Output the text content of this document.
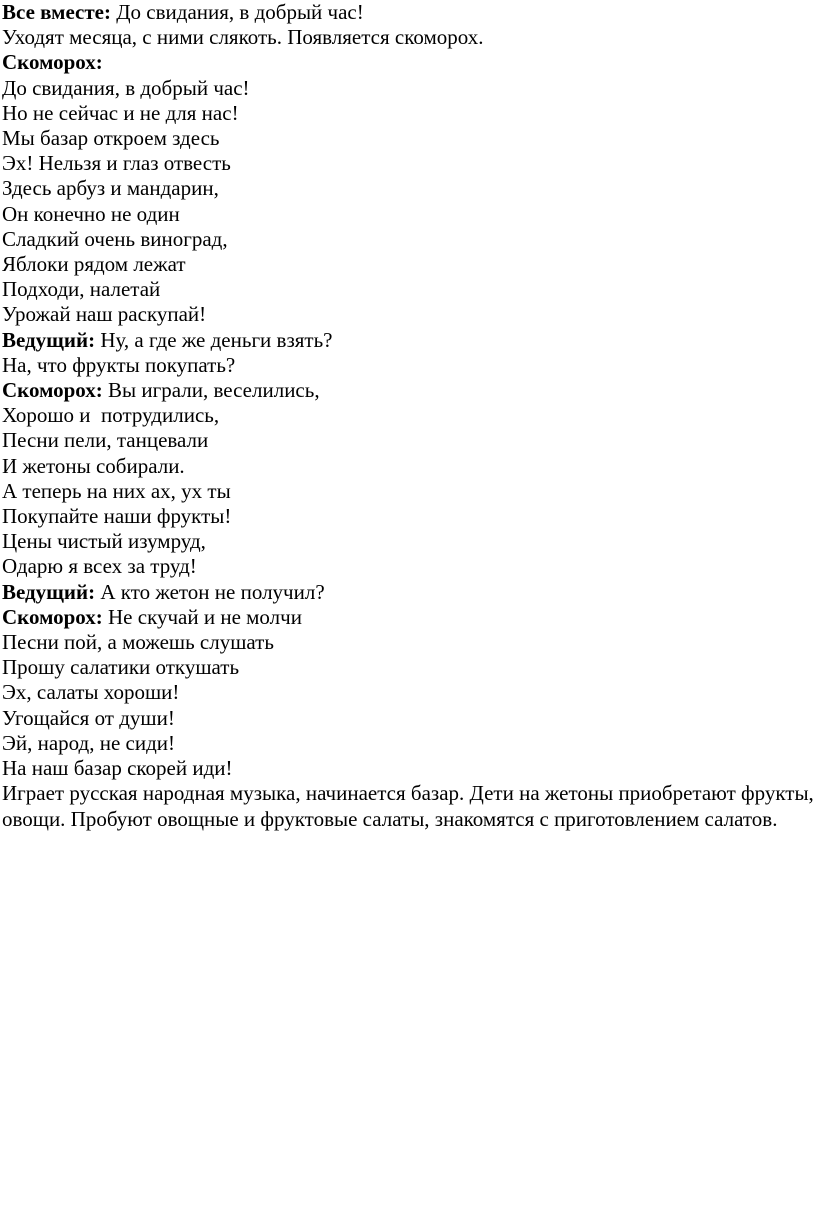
Все вместе: До свидания, в добрый час!
Уходят месяца, с ними слякоть. Появляется скоморох.
Скоморох:
До свидания, в добрый час!
Но не сейчас и не для нас!
Мы базар откроем здесь
Эх! Нельзя и глаз отвесть
Здесь арбуз и мандарин,
Он конечно не один
Сладкий очень виноград,
Яблоки рядом лежат
Подходи, налетай
Урожай наш раскупай!
Ведущий: Ну, а где же деньги взять?
На, что фрукты покупать?
Скоморох: Вы играли, веселились,
Хорошо и  потрудились,
Песни пели, танцевали
И жетоны собирали.
А теперь на них ах, ух ты
Покупайте наши фрукты!
Цены чистый изумруд,
Одарю я всех за труд!
Ведущий: А кто жетон не получил?
Скоморох: Не скучай и не молчи
Песни пой, а можешь слушать
Прошу салатики откушать
Эх, салаты хороши!
Угощайся от души!
Эй, народ, не сиди!
На наш базар скорей иди!
Играет русская народная музыка, начинается базар. Дети на жетоны приобретают фрукты, овощи. Пробуют овощные и фруктовые салаты, знакомятся с приготовлением салатов.
